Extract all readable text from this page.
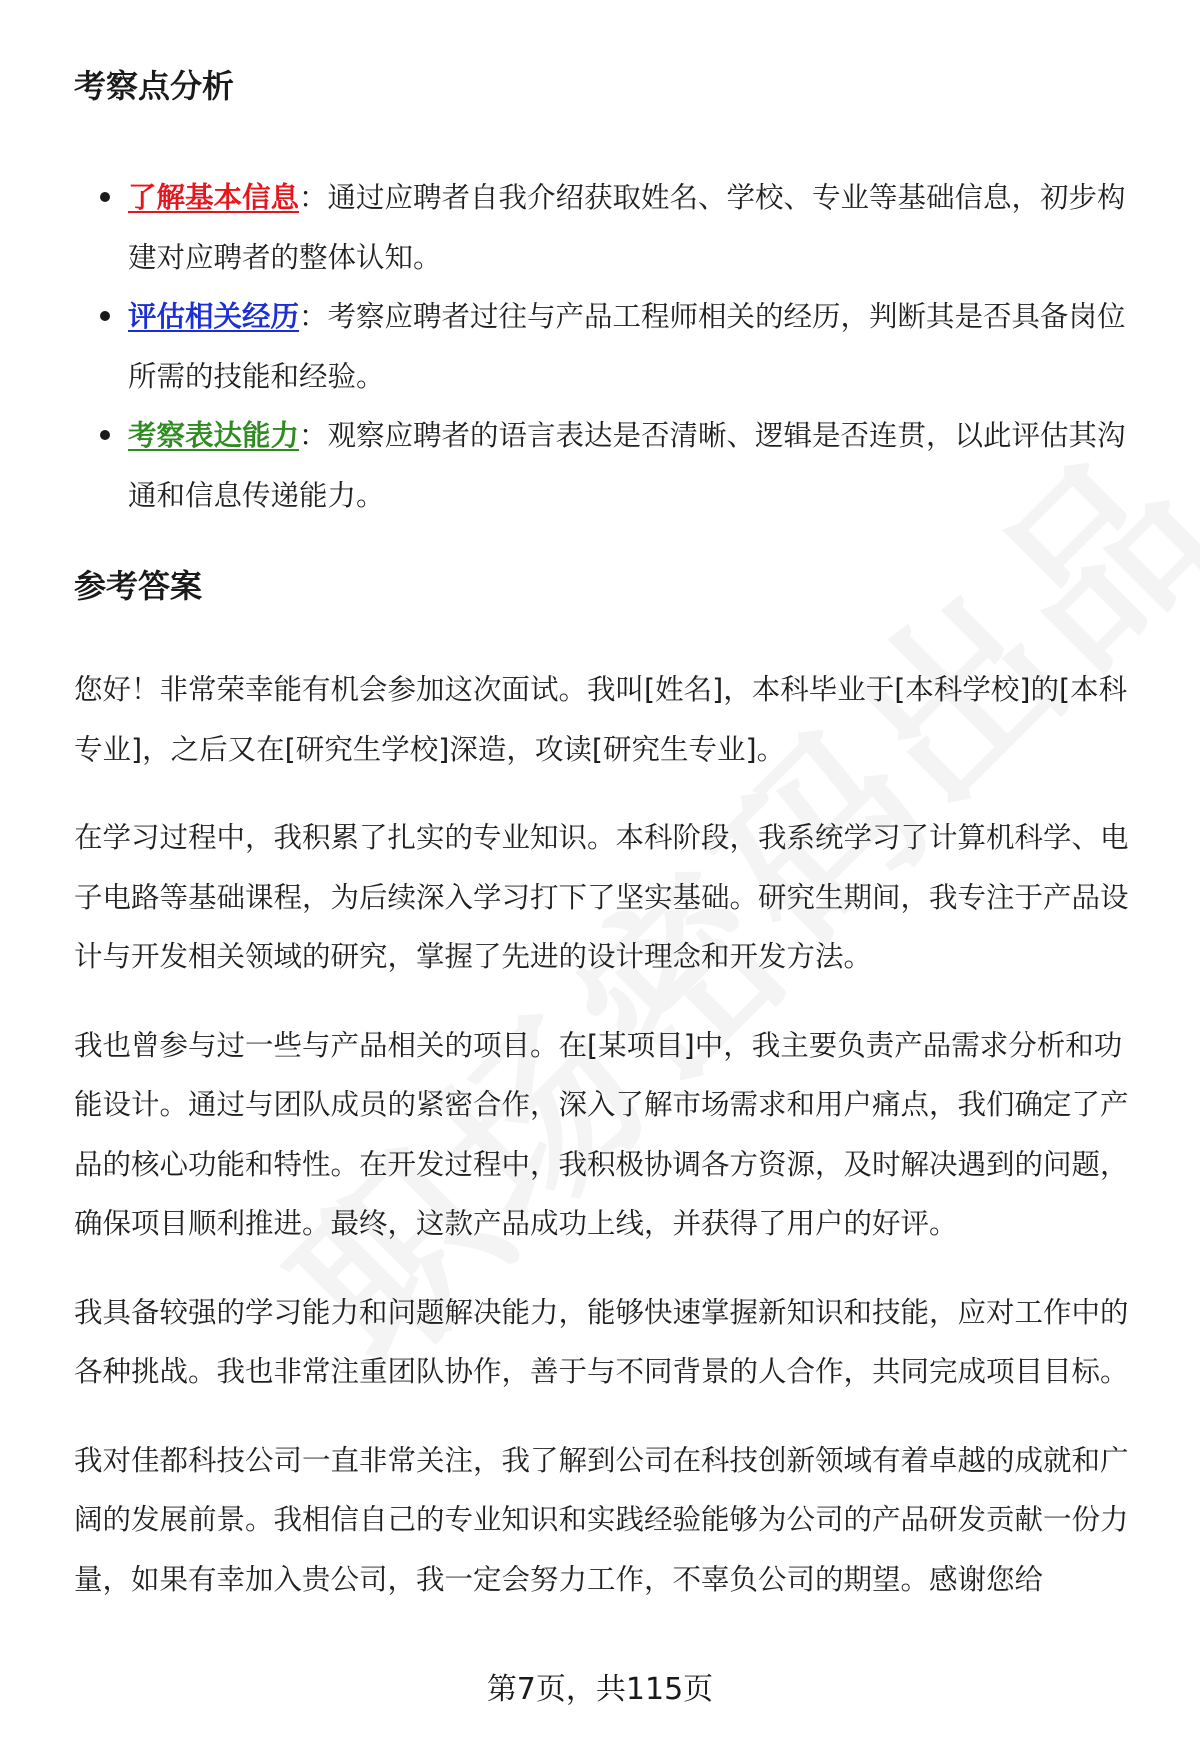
考察点分析
了解基本信息：通过应聘者自我介绍获取姓名、学校、专业等基础信息，初步构建对应聘者的整体认知。
评估相关经历：考察应聘者过往与产品工程师相关的经历，判断其是否具备岗位所需的技能和经验。
考察表达能力：观察应聘者的语言表达是否清晰、逻辑是否连贯，以此评估其沟通和信息传递能力。
参考答案

您好！非常荣幸能有机会参加这次面试。我叫[姓名]，本科毕业于[本科学校]的[本科专业]，之后又在[研究生学校]深造，攻读[研究生专业]。

在学习过程中，我积累了扎实的专业知识。本科阶段，我系统学习了计算机科学、电子电路等基础课程，为后续深入学习打下了坚实基础。研究生期间，我专注于产品设计与开发相关领域的研究，掌握了先进的设计理念和开发方法。

我也曾参与过一些与产品相关的项目。在[某项目]中，我主要负责产品需求分析和功能设计。通过与团队成员的紧密合作，深入了解市场需求和用户痛点，我们确定了产品的核心功能和特性。在开发过程中，我积极协调各方资源，及时解决遇到的问题，确保项目顺利推进。最终，这款产品成功上线，并获得了用户的好评。

我具备较强的学习能力和问题解决能力，能够快速掌握新知识和技能，应对工作中的各种挑战。我也非常注重团队协作，善于与不同背景的人合作，共同完成项目目标。

我对佳都科技公司一直非常关注，我了解到公司在科技创新领域有着卓越的成就和广阔的发展前景。我相信自己的专业知识和实践经验能够为公司的产品研发贡献一份力量，如果有幸加入贵公司，我一定会努力工作，不辜负公司的期望。感谢您给

第7页，共115页
